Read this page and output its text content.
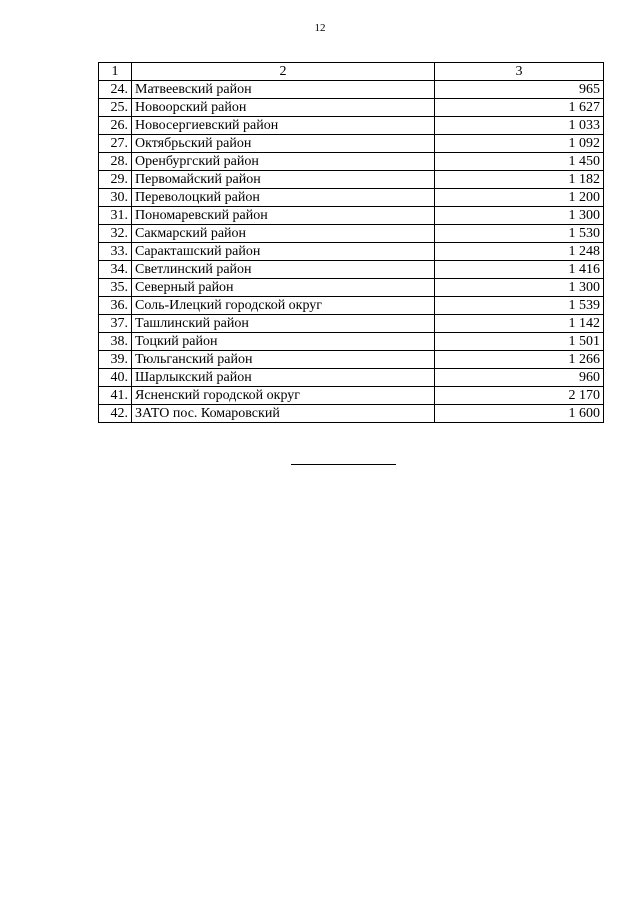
12
1	2	3
24.	Матвеевский район	965
25.	Новоорский район	1 627
26.	Новосергиевский район	1 033
27.	Октябрьский район	1 092
28.	Оренбургский район	1 450
29.	Первомайский район	1 182
30.	Переволоцкий район	1 200
31.	Пономаревский район	1 300
32.	Сакмарский район	1 530
33.	Саракташский район	1 248
34.	Светлинский район	1 416
35.	Северный район	1 300
36.	Соль-Илецкий городской округ	1 539
37.	Ташлинский район	1 142
38.	Тоцкий район	1 501
39.	Тюльганский район	1 266
40.	Шарлыкский район	960
41.	Ясненский городской округ	2 170
42.	ЗАТО пос. Комаровский	1 600
